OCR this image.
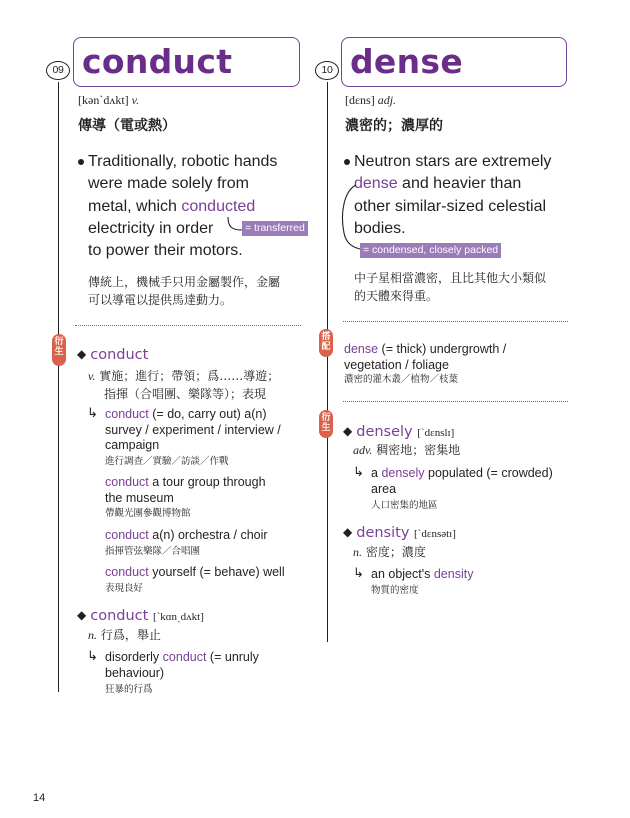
09 conduct
[kən`dʌkt] v.
傳導（電或熱）
Traditionally, robotic hands
were made solely from
metal, which conducted
electricity in order
to power their motors.
= transferred
傳統上，機械手只用金屬製作，金屬
可以導電以提供馬達動力。
衍生 ◆ conduct
v. 實施；進行；帶領；爲……導遊；
指揮（合唱團、樂隊等）；表現
↳ conduct (= do, carry out) a(n)
survey / experiment / interview /
campaign
進行調查／實驗／訪談／作戰
conduct a tour group through
the museum
帶觀光團參觀博物館
conduct a(n) orchestra / choir
指揮管弦樂隊／合唱團
conduct yourself (= behave) well
表現良好
◆ conduct [`kɑnˏdʌkt]
n. 行爲，舉止
↳ disorderly conduct (= unruly
behaviour)
狂暴的行爲
10 dense
[dɛns] adj.
濃密的；濃厚的
Neutron stars are extremely
dense and heavier than
other similar-sized celestial
bodies.
= condensed, closely packed
中子星相當濃密，且比其他大小類似
的天體來得重。
搭配 dense (= thick) undergrowth /
vegetation / foliage
濃密的灌木叢／植物／枝葉
衍生 ◆ densely [`dɛnslɪ]
adv. 稠密地；密集地
↳ a densely populated (= crowded)
area
人口密集的地區
◆ density [`dɛnsətɪ]
n. 密度；濃度
↳ an object's density
物質的密度
14
